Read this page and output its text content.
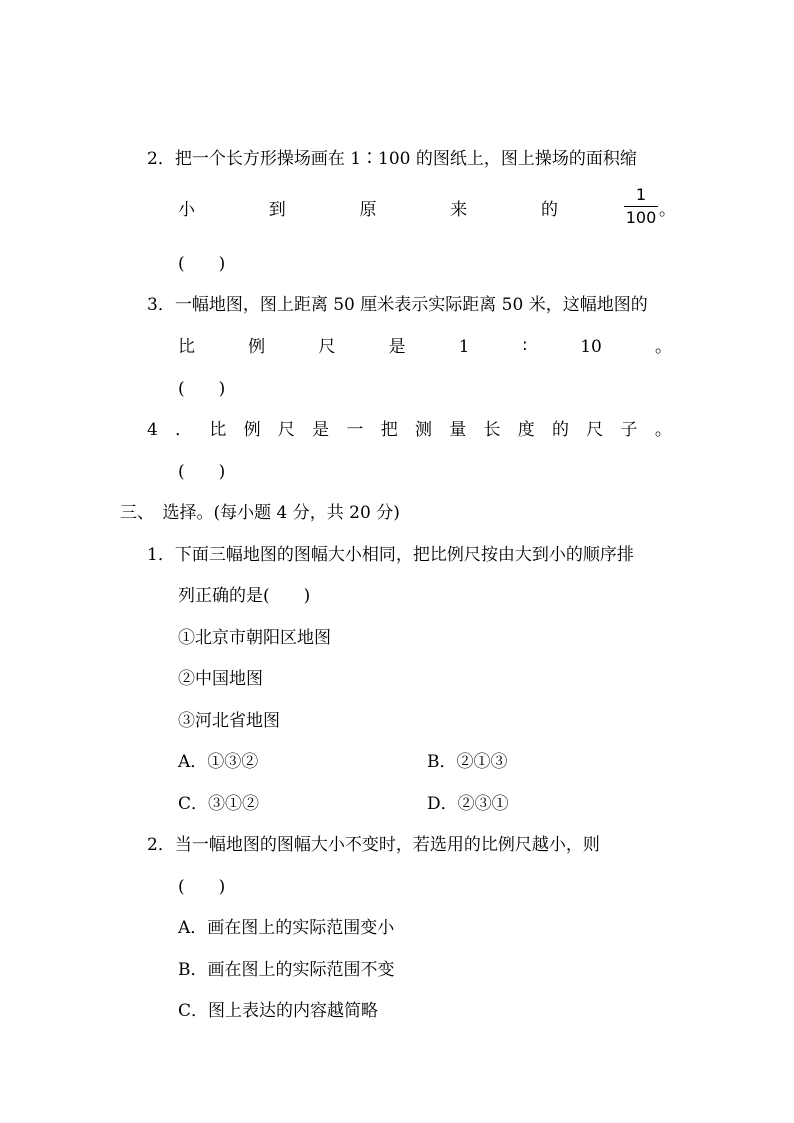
2．把一个长方形操场画在 1∶100 的图纸上，图上操场的面积缩
小	到	原	来	的
1
100 。
(　　)
3．一幅地图，图上距离 50 厘米表示实际距离 50 米，这幅地图的
比	例	尺	是	1	∶	10	。
(　　)
4 ． 比 例 尺 是 一 把 测 量 长 度 的 尺 子 。
(　　)
三、　选择。(每小题 4 分，共 20 分)
1．下面三幅地图的图幅大小相同，把比例尺按由大到小的顺序排
列正确的是(　　)
①北京市朝阳区地图
②中国地图
③河北省地图
A．①③②	B．②①③
C．③①②	D．②③①
2．当一幅地图的图幅大小不变时，若选用的比例尺越小，则
(　　)
A．画在图上的实际范围变小
B．画在图上的实际范围不变
C．图上表达的内容越简略
